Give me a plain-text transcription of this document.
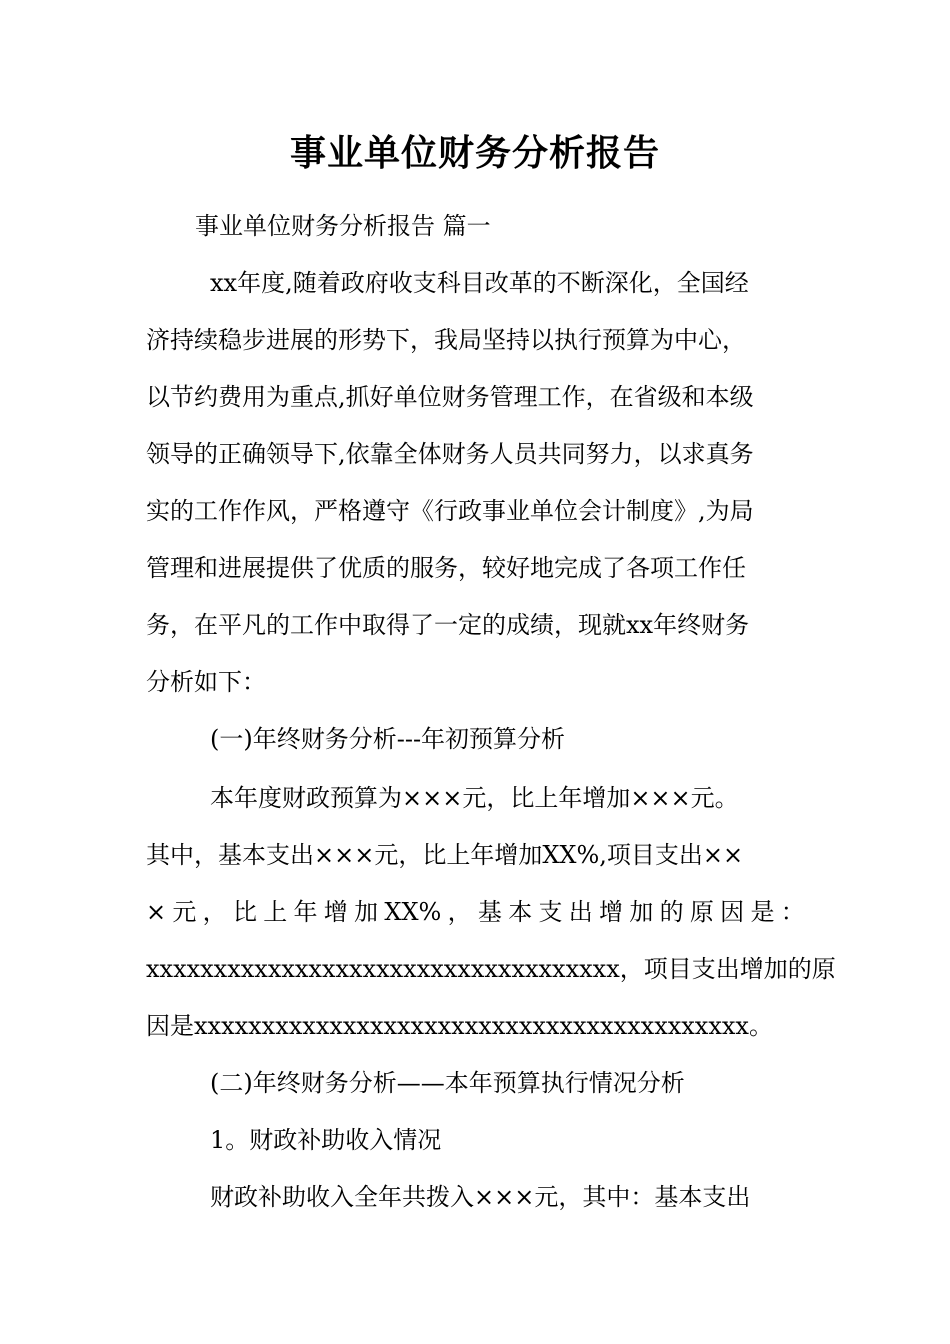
事业单位财务分析报告
事业单位财务分析报告 篇一
xx年度,随着政府收支科目改革的不断深化，全国经
济持续稳步进展的形势下，我局坚持以执行预算为中心，
以节约费用为重点,抓好单位财务管理工作，在省级和本级
领导的正确领导下,依靠全体财务人员共同努力，以求真务
实的工作作风，严格遵守《行政事业单位会计制度》,为局
管理和进展提供了优质的服务，较好地完成了各项工作任
务，在平凡的工作中取得了一定的成绩，现就xx年终财务
分析如下：
(一)年终财务分析---年初预算分析
本年度财政预算为×××元，比上年增加×××元。
其中，基本支出×××元，比上年增加XX%,项目支出××
× 元 ， 比 上 年 增 加 XX% ， 基 本 支 出 增 加 的 原 因 是 ：
xxxxxxxxxxxxxxxxxxxxxxxxxxxxxxxxxxx，项目支出增加的原
因是xxxxxxxxxxxxxxxxxxxxxxxxxxxxxxxxxxxxxxxxx。
(二)年终财务分析——本年预算执行情况分析
1。财政补助收入情况
财政补助收入全年共拨入×××元，其中：基本支出
